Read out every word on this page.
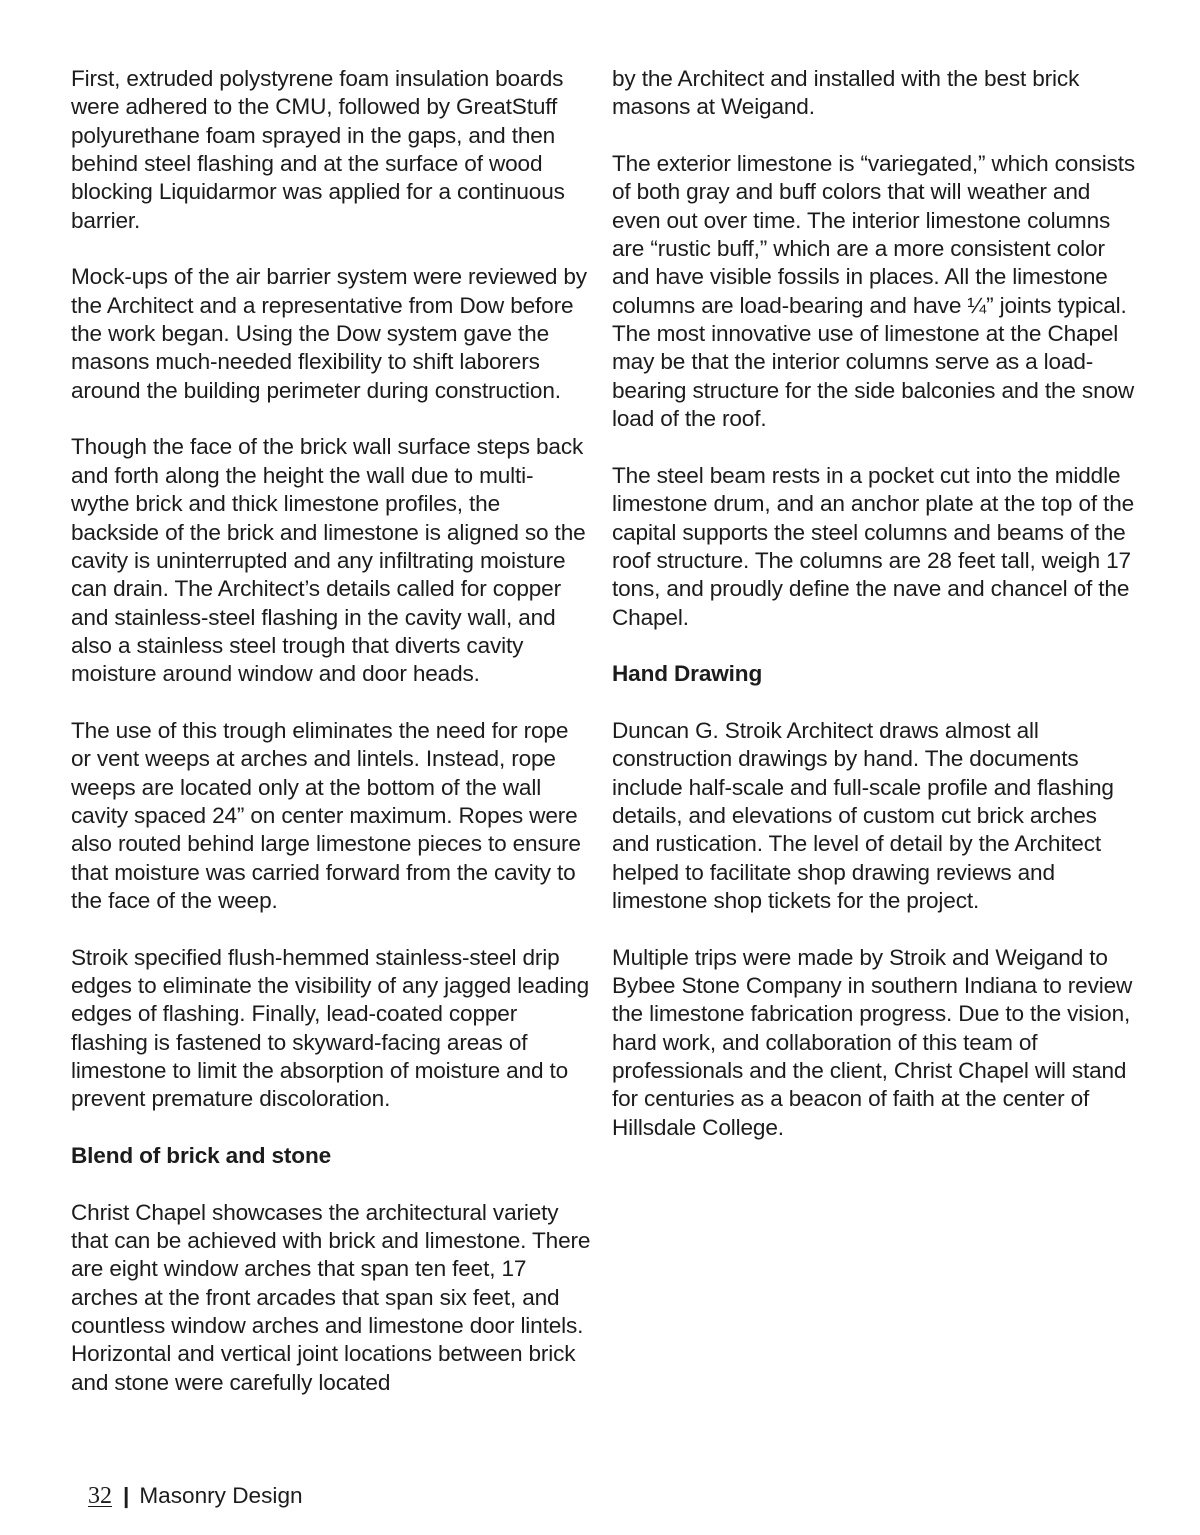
First, extruded polystyrene foam insulation boards were adhered to the CMU, followed by GreatStuff polyurethane foam sprayed in the gaps, and then behind steel flashing and at the surface of wood blocking Liquidarmor was applied for a continuous barrier.

Mock-ups of the air barrier system were reviewed by the Architect and a representative from Dow before the work began. Using the Dow system gave the masons much-needed flexibility to shift laborers around the building perimeter during construction.

Though the face of the brick wall surface steps back and forth along the height the wall due to multi-wythe brick and thick limestone profiles, the backside of the brick and limestone is aligned so the cavity is uninterrupted and any infiltrating moisture can drain. The Architect’s details called for copper and stainless-steel flashing in the cavity wall, and also a stainless steel trough that diverts cavity moisture around window and door heads.

The use of this trough eliminates the need for rope or vent weeps at arches and lintels. Instead, rope weeps are located only at the bottom of the wall cavity spaced 24” on center maximum. Ropes were also routed behind large limestone pieces to ensure that moisture was carried forward from the cavity to the face of the weep.

Stroik specified flush-hemmed stainless-steel drip edges to eliminate the visibility of any jagged leading edges of flashing. Finally, lead-coated copper flashing is fastened to skyward-facing areas of limestone to limit the absorption of moisture and to prevent premature discoloration.

Blend of brick and stone

Christ Chapel showcases the architectural variety that can be achieved with brick and limestone. There are eight window arches that span ten feet, 17 arches at the front arcades that span six feet, and countless window arches and limestone door lintels. Horizontal and vertical joint locations between brick and stone were carefully located

by the Architect and installed with the best brick masons at Weigand.

The exterior limestone is “variegated,” which consists of both gray and buff colors that will weather and even out over time. The interior limestone columns are “rustic buff,” which are a more consistent color and have visible fossils in places. All the limestone columns are load-bearing and have ¼” joints typical. The most innovative use of limestone at the Chapel may be that the interior columns serve as a load-bearing structure for the side balconies and the snow load of the roof.

The steel beam rests in a pocket cut into the middle limestone drum, and an anchor plate at the top of the capital supports the steel columns and beams of the roof structure. The columns are 28 feet tall, weigh 17 tons, and proudly define the nave and chancel of the Chapel.

Hand Drawing

Duncan G. Stroik Architect draws almost all construction drawings by hand. The documents include half-scale and full-scale profile and flashing details, and elevations of custom cut brick arches and rustication. The level of detail by the Architect helped to facilitate shop drawing reviews and limestone shop tickets for the project.

Multiple trips were made by Stroik and Weigand to Bybee Stone Company in southern Indiana to review the limestone fabrication progress. Due to the vision, hard work, and collaboration of this team of professionals and the client, Christ Chapel will stand for centuries as a beacon of faith at the center of Hillsdale College.

32 | Masonry Design
